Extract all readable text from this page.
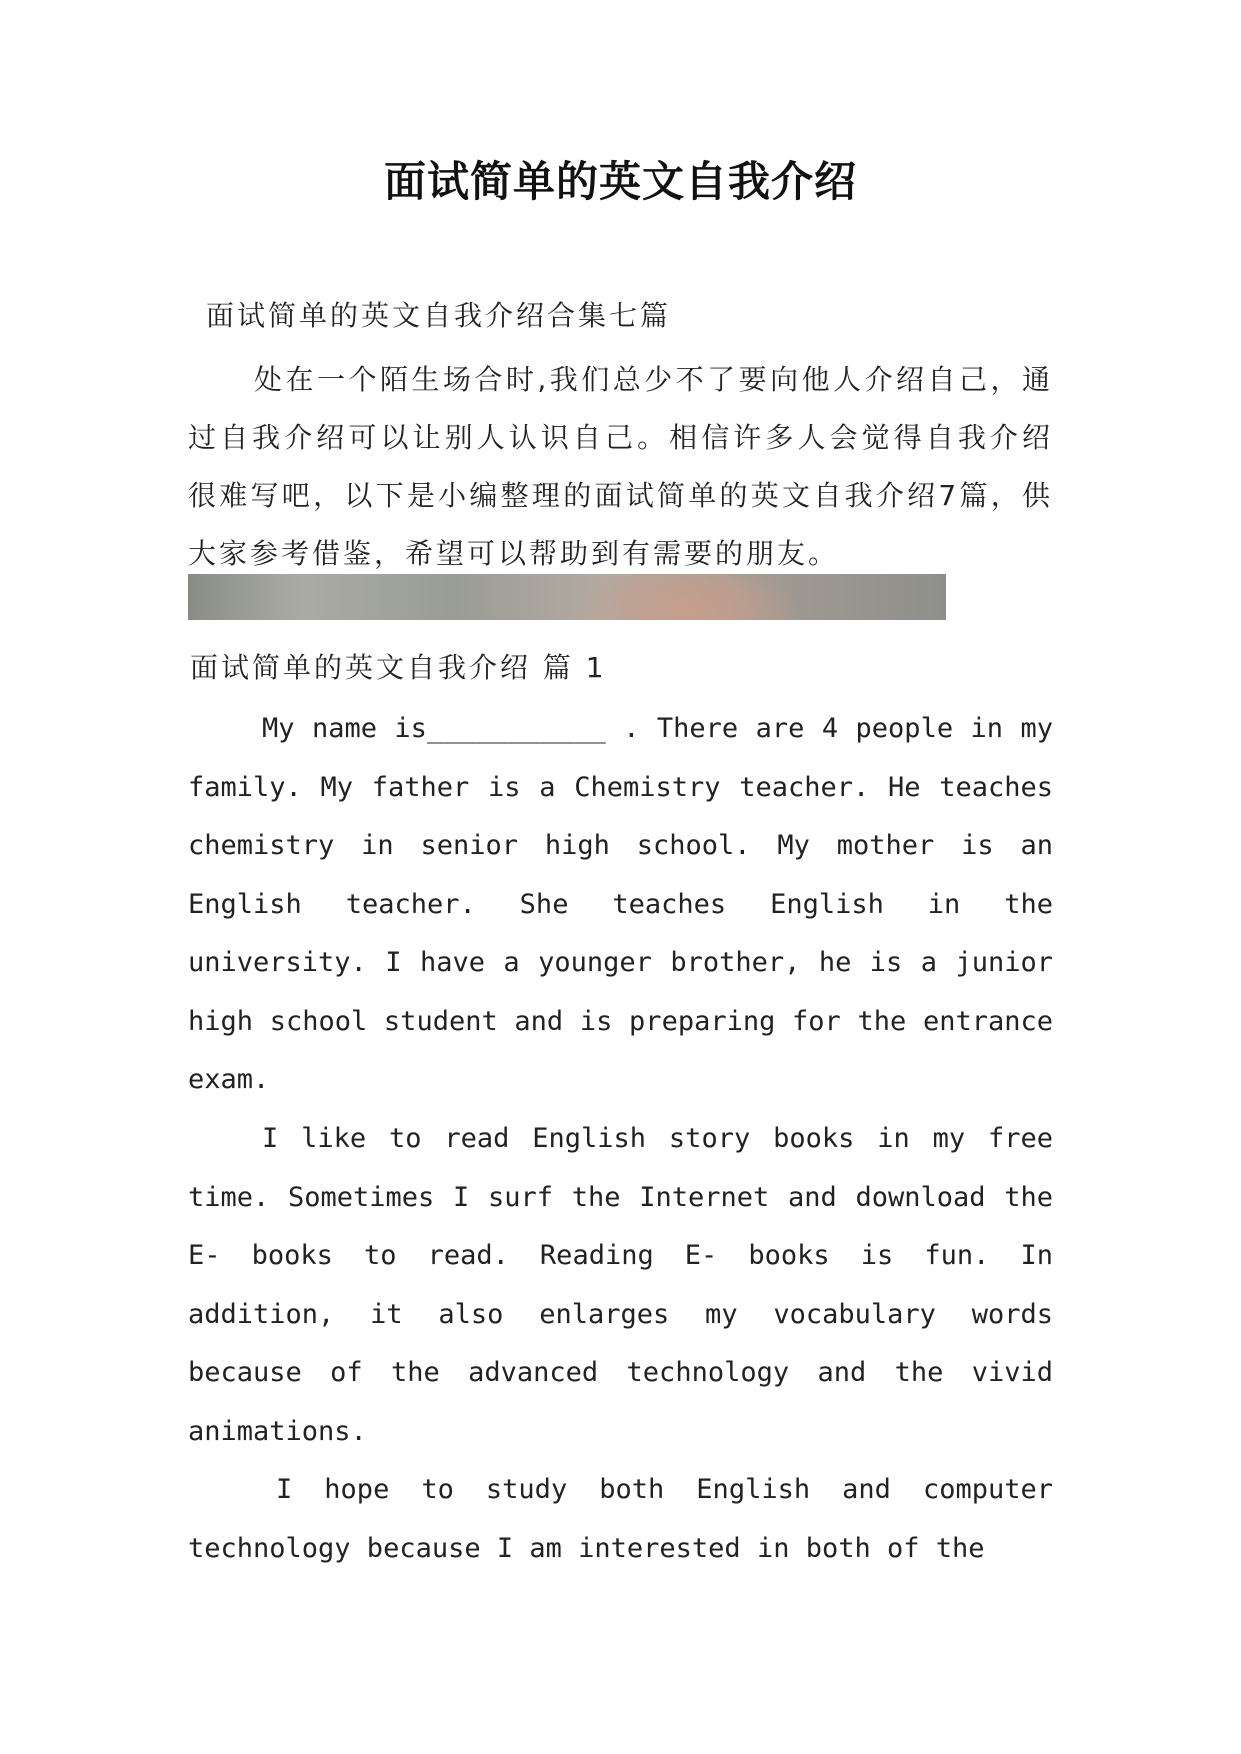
面试简单的英文自我介绍
面试简单的英文自我介绍合集七篇
处在一个陌生场合时,我们总少不了要向他人介绍自己，通过自我介绍可以让别人认识自己。相信许多人会觉得自我介绍很难写吧，以下是小编整理的面试简单的英文自我介绍7篇，供大家参考借鉴，希望可以帮助到有需要的朋友。
面试简单的英文自我介绍 篇 1
My name is___________ . There are 4 people in my family. My father is a Chemistry teacher. He teaches chemistry in senior high school. My mother is an English teacher. She teaches English in the university. I have a younger brother, he is a junior high school student and is preparing for the entrance exam.
I like to read English story books in my free time. Sometimes I surf the Internet and download the E- books to read. Reading E- books is fun. In addition, it also enlarges my vocabulary words because of the advanced technology and the vivid animations.
I hope to study both English and computer technology because I am interested in both of the
